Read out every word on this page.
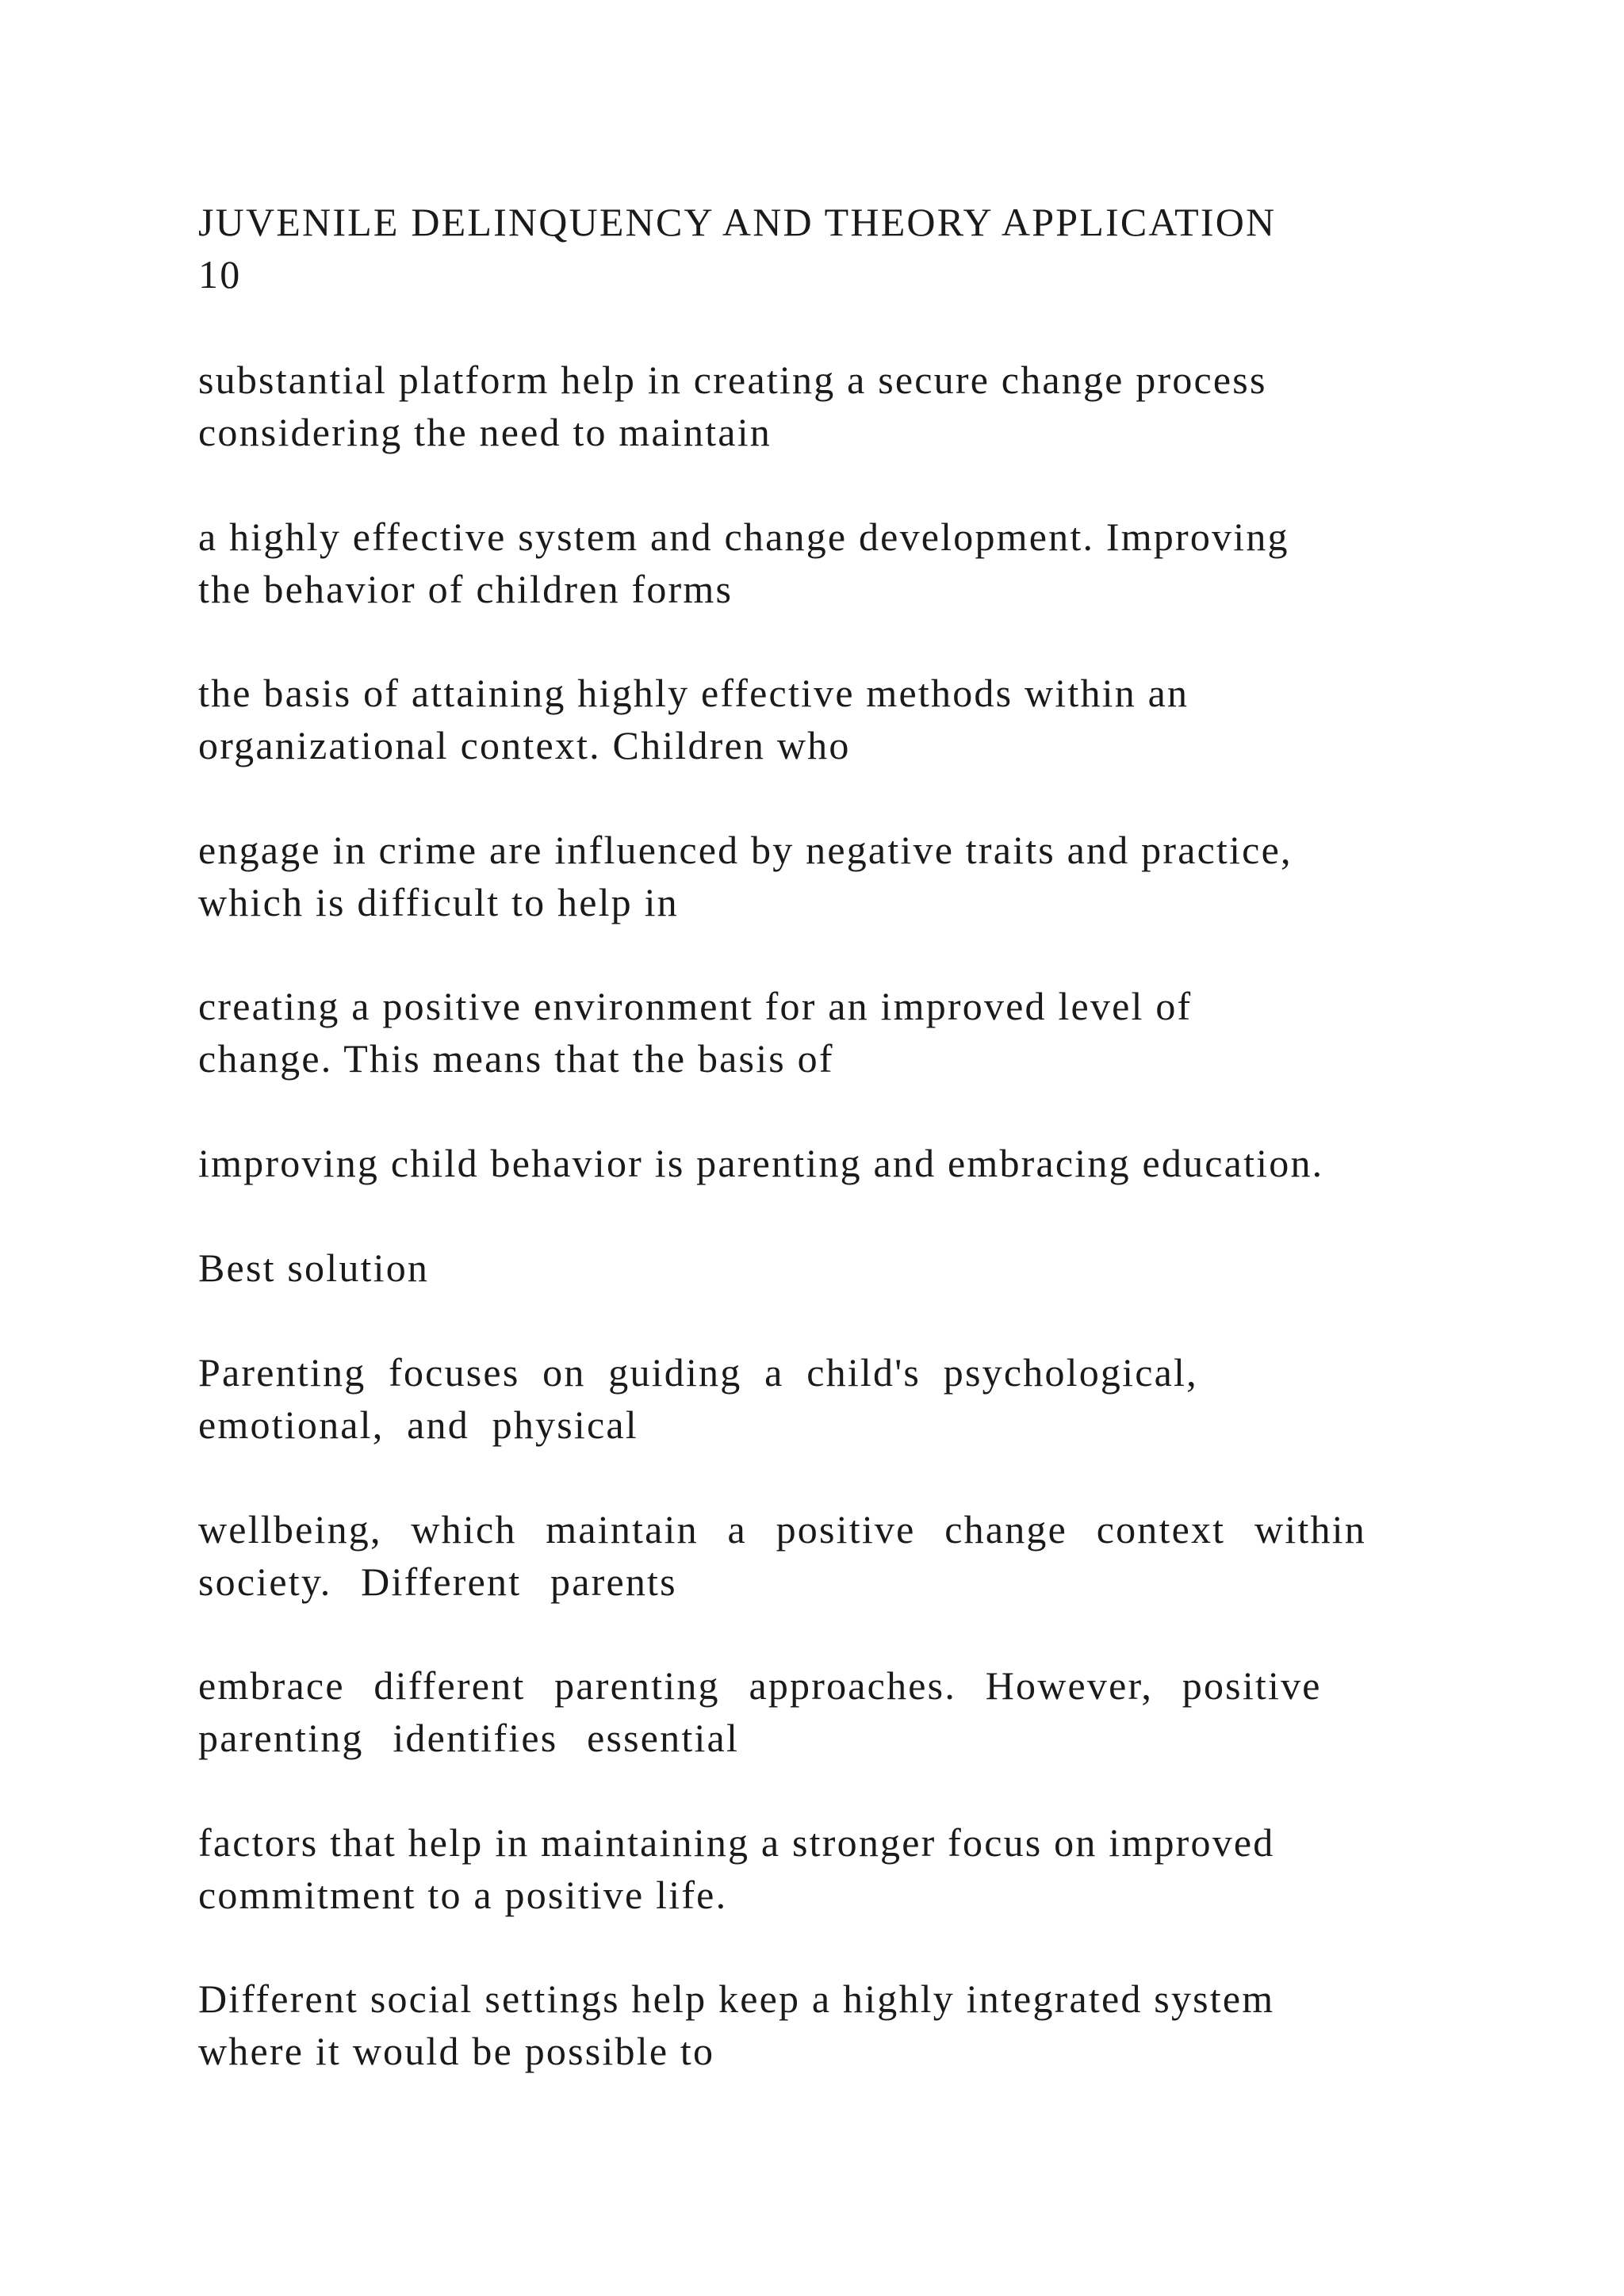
JUVENILE DELINQUENCY AND THEORY APPLICATION
10
substantial platform help in creating a secure change process
considering the need to maintain
a highly effective system and change development. Improving
the behavior of children forms
the basis of attaining highly effective methods within an
organizational context. Children who
engage in crime are influenced by negative traits and practice,
which is difficult to help in
creating a positive environment for an improved level of
change. This means that the basis of
improving child behavior is parenting and embracing education.
Best solution
Parenting focuses on guiding a child's psychological,
emotional, and physical
wellbeing, which maintain a positive change context within
society. Different parents
embrace different parenting approaches. However, positive
parenting identifies essential
factors that help in maintaining a stronger focus on improved
commitment to a positive life.
Different social settings help keep a highly integrated system
where it would be possible to
